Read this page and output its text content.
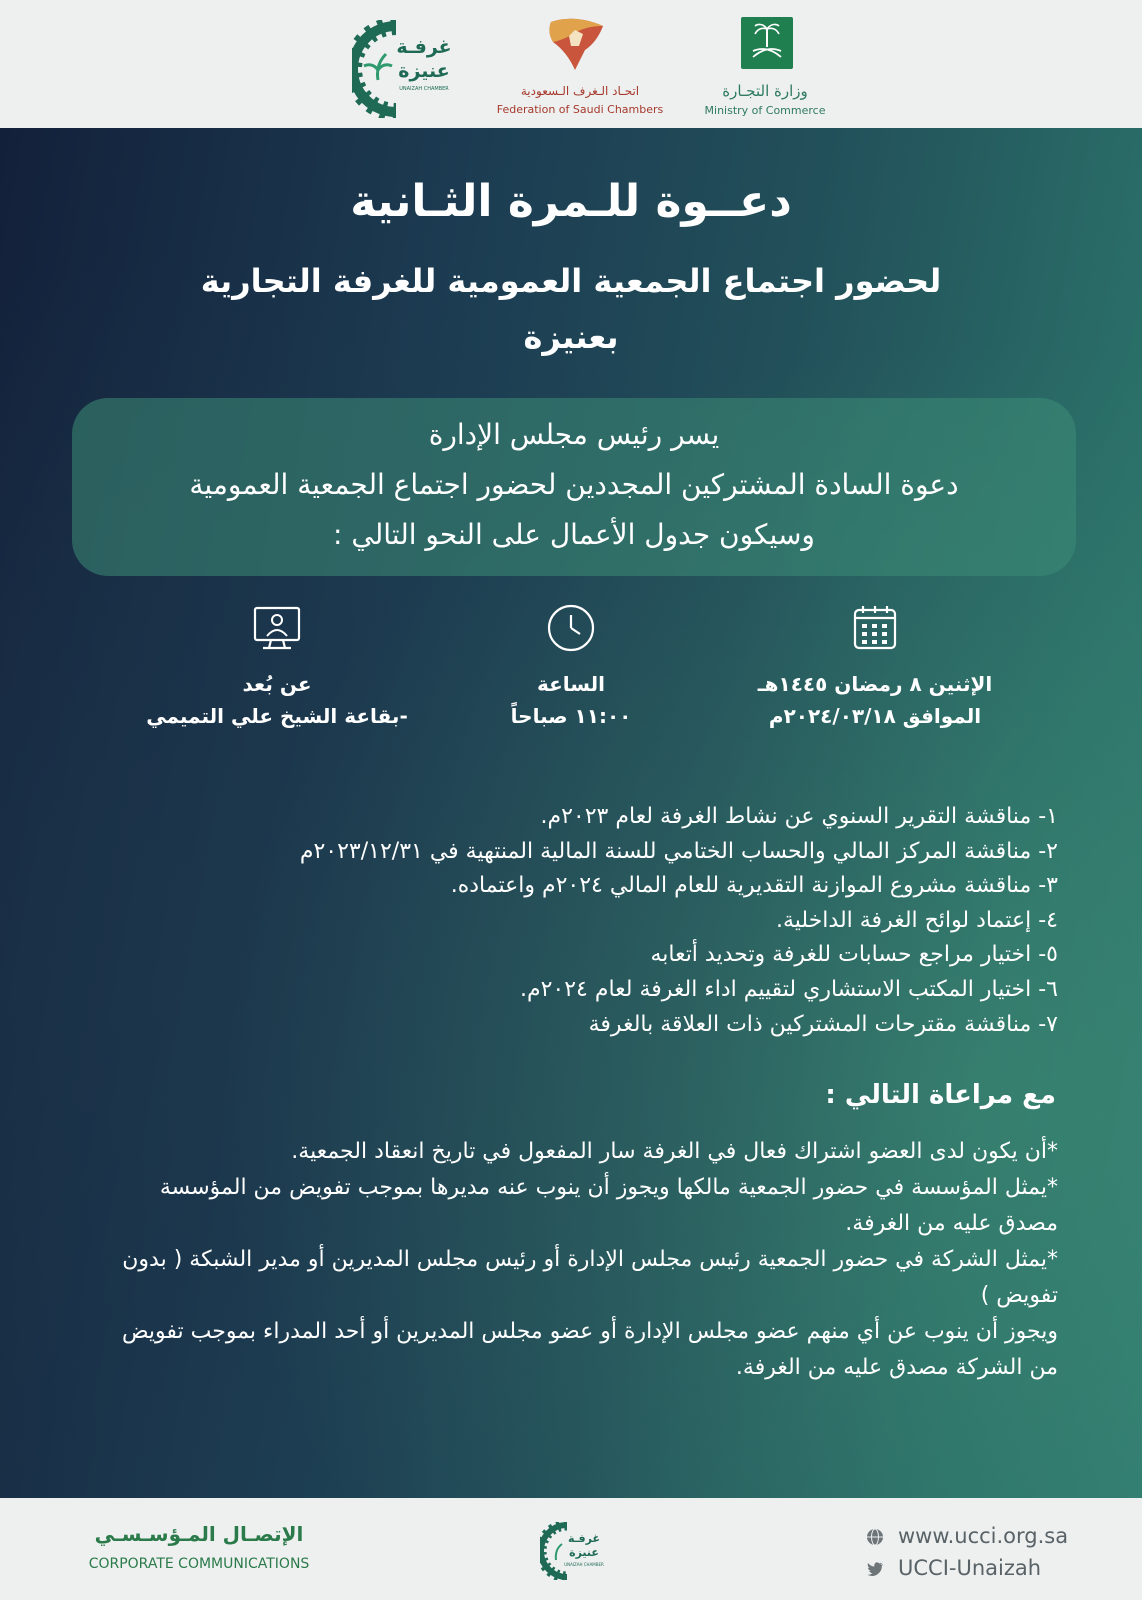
وزارة التجـارة
Ministry of Commerce
اتحـاد الـغرف الـسعودية
Federation of Saudi Chambers
غرفـة
عنيزة
UNAIZAH CHAMBER
دعــوة للـمرة الثـانية
لحضور اجتماع الجمعية العمومية للغرفة التجارية بعنيزة
يسر رئيس مجلس الإدارة
دعوة السادة المشتركين المجددين لحضور اجتماع الجمعية العمومية
وسيكون جدول الأعمال على النحو التالي :
الإثنين ٨ رمضان ١٤٤٥هـ
الموافق ٢٠٢٤/٠٣/١٨م
الساعة
١١:٠٠ صباحاً
عن بُعد
-بقاعة الشيخ علي التميمي
١- مناقشة التقرير السنوي عن نشاط الغرفة لعام ٢٠٢٣م.
٢- مناقشة المركز المالي والحساب الختامي للسنة المالية المنتهية في ٢٠٢٣/١٢/٣١م
٣- مناقشة مشروع الموازنة التقديرية للعام المالي ٢٠٢٤م واعتماده.
٤- إعتماد لوائح الغرفة الداخلية.
٥- اختيار مراجع حسابات للغرفة وتحديد أتعابه
٦- اختيار المكتب الاستشاري لتقييم اداء الغرفة لعام ٢٠٢٤م.
٧- مناقشة مقترحات المشتركين ذات العلاقة بالغرفة
مع مراعاة التالي :
*أن يكون لدى العضو اشتراك فعال في الغرفة سار المفعول في تاريخ انعقاد الجمعية.
*يمثل المؤسسة في حضور الجمعية مالكها ويجوز أن ينوب عنه مديرها بموجب تفويض من المؤسسة مصدق عليه من الغرفة.
*يمثل الشركة في حضور الجمعية رئيس مجلس الإدارة أو رئيس مجلس المديرين أو مدير الشبكة ( بدون تفويض )
ويجوز أن ينوب عن أي منهم عضو مجلس الإدارة أو عضو مجلس المديرين أو أحد المدراء بموجب تفويض من الشركة مصدق عليه من الغرفة.
www.ucci.org.sa
UCCI-Unaizah
غرفـة
عنيزة
UNAIZAH CHAMBER
الإتصـال المـؤسـسـي
CORPORATE COMMUNICATIONS
